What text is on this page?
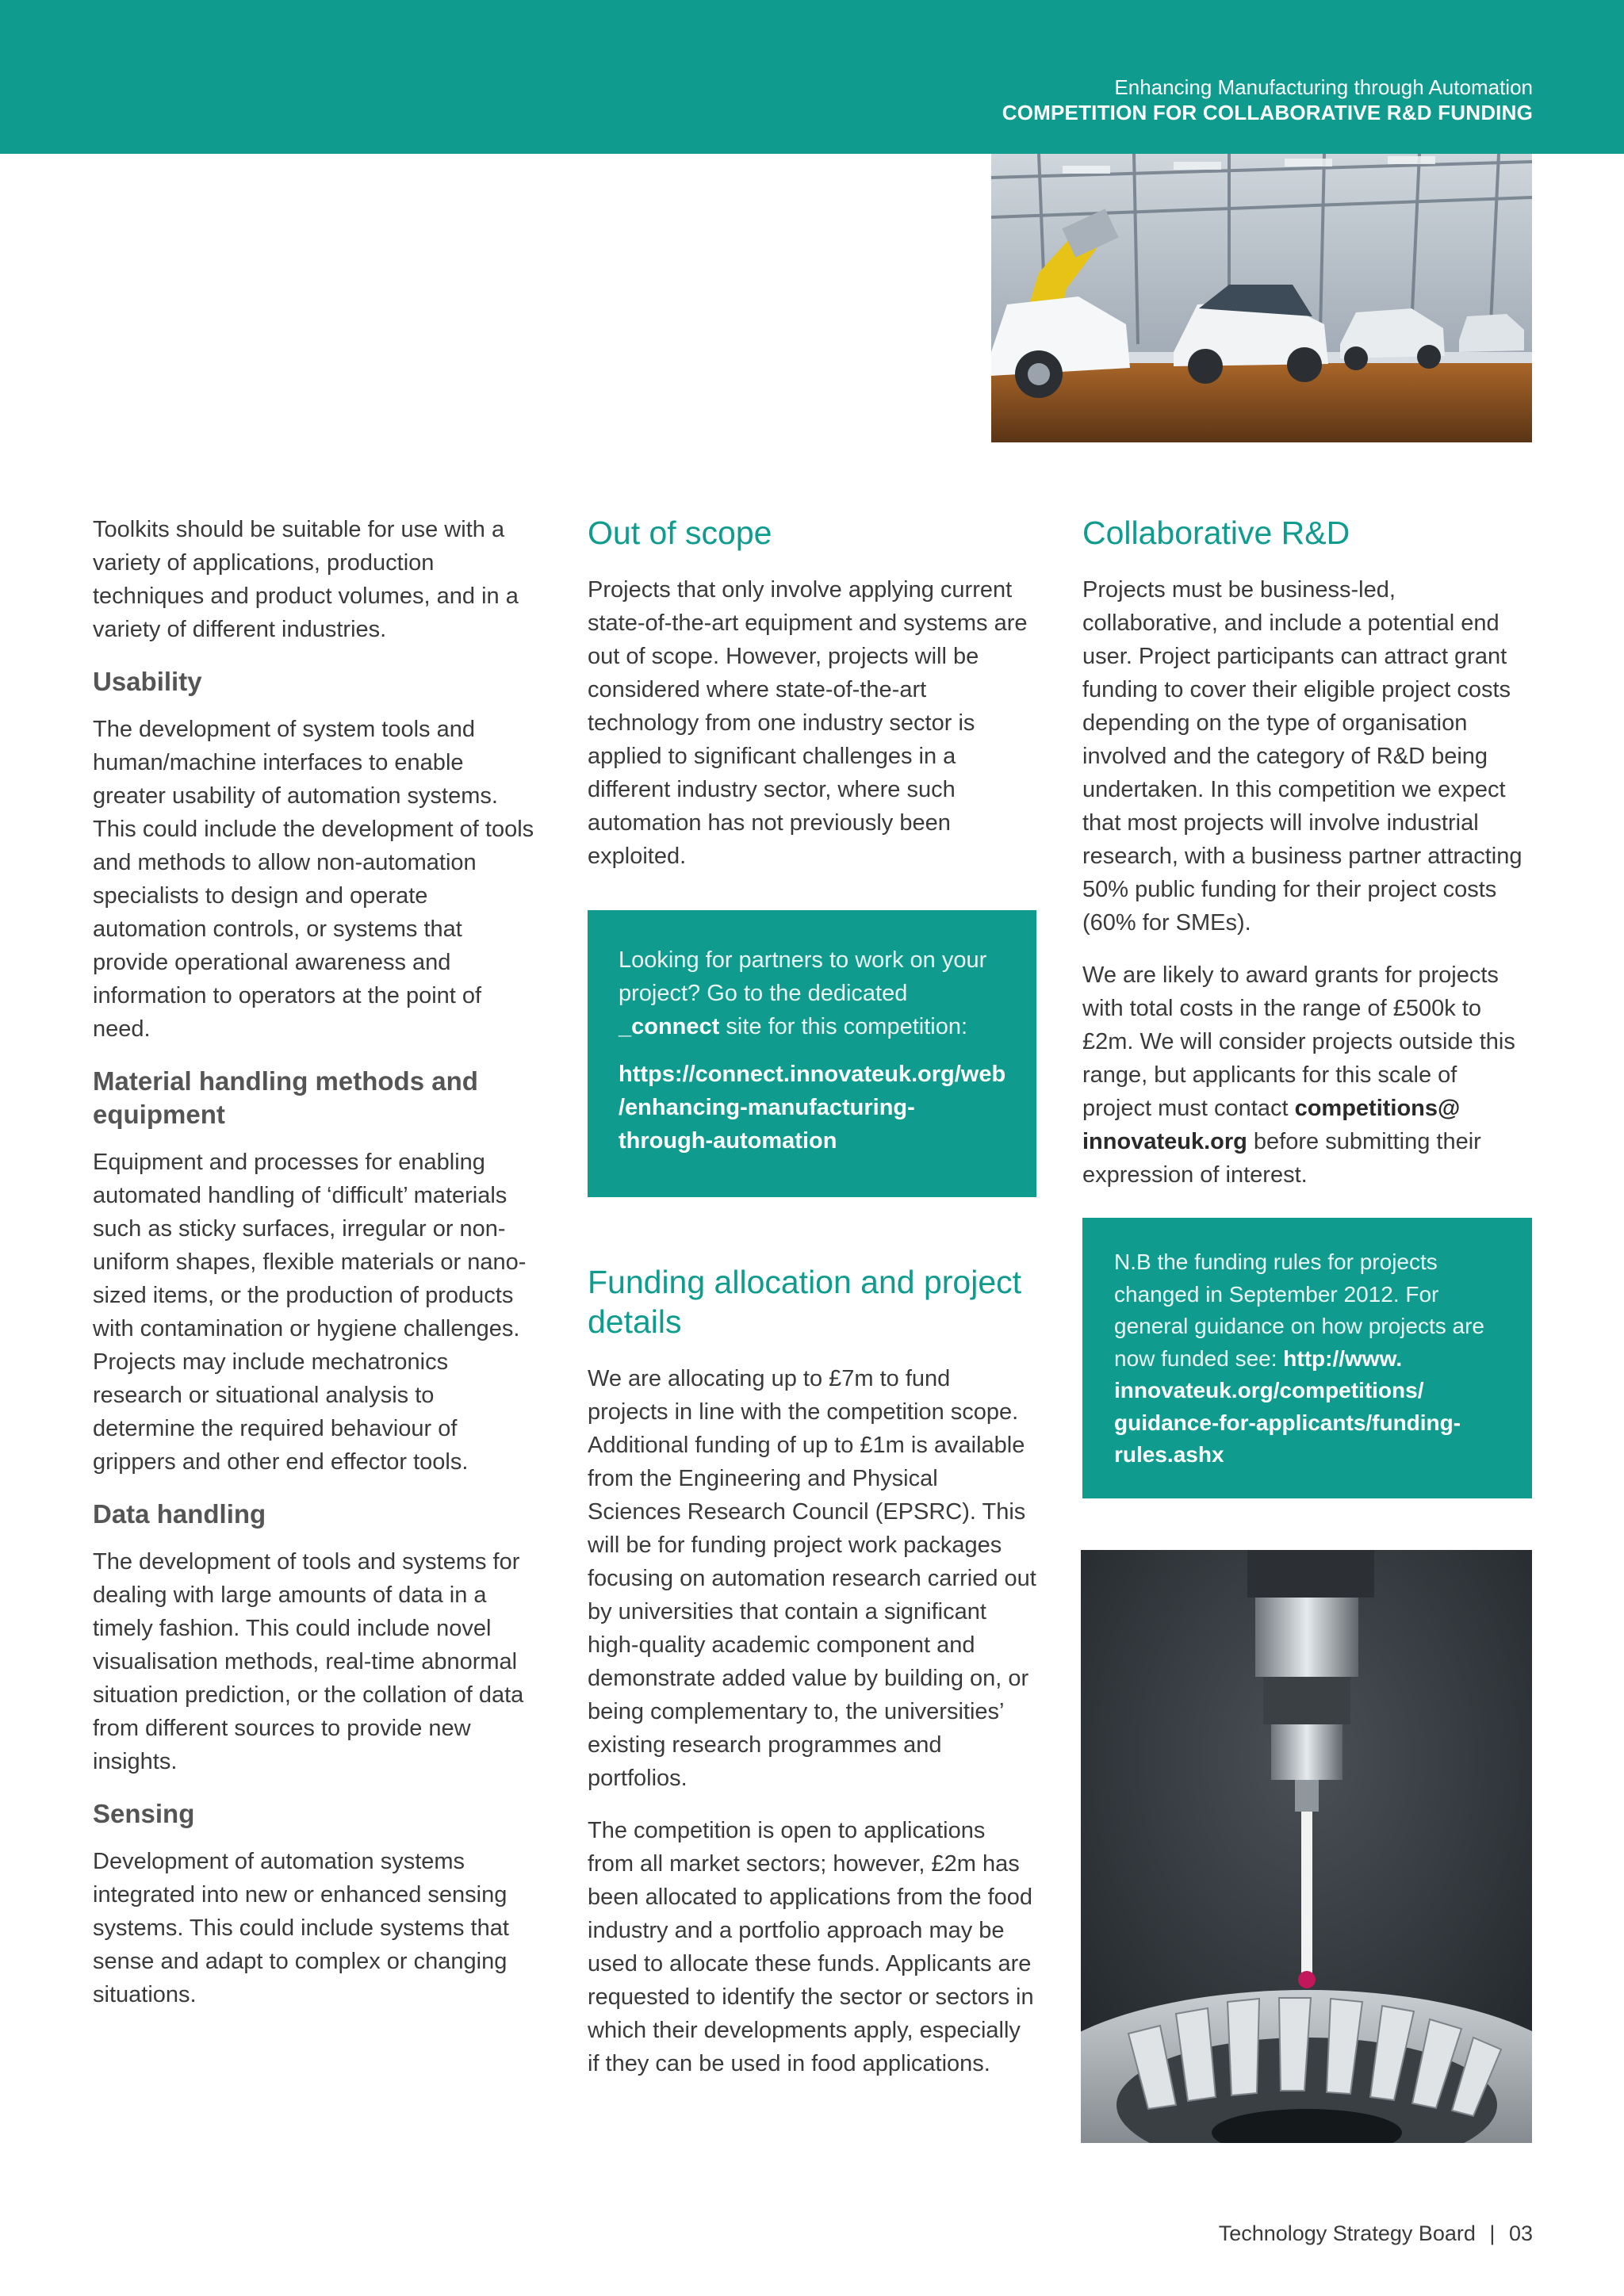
Enhancing Manufacturing through Automation
COMPETITION FOR COLLABORATIVE R&D FUNDING

Toolkits should be suitable for use with a variety of applications, production techniques and product volumes, and in a variety of different industries.

Usability

The development of system tools and human/machine interfaces to enable greater usability of automation systems. This could include the development of tools and methods to allow non-automation specialists to design and operate automation controls, or systems that provide operational awareness and information to operators at the point of need.

Material handling methods and equipment

Equipment and processes for enabling automated handling of ‘difficult’ materials such as sticky surfaces, irregular or non-uniform shapes, flexible materials or nano-sized items, or the production of products with contamination or hygiene challenges. Projects may include mechatronics research or situational analysis to determine the required behaviour of grippers and other end effector tools.

Data handling

The development of tools and systems for dealing with large amounts of data in a timely fashion. This could include novel visualisation methods, real-time abnormal situation prediction, or the collation of data from different sources to provide new insights.

Sensing

Development of automation systems integrated into new or enhanced sensing systems. This could include systems that sense and adapt to complex or changing situations.

Out of scope

Projects that only involve applying current state-of-the-art equipment and systems are out of scope. However, projects will be considered where state-of-the-art technology from one industry sector is applied to significant challenges in a different industry sector, where such automation has not previously been exploited.

Looking for partners to work on your project? Go to the dedicated _connect site for this competition:

https://connect.innovateuk.org/web/enhancing-manufacturing-through-automation

Funding allocation and project details

We are allocating up to £7m to fund projects in line with the competition scope. Additional funding of up to £1m is available from the Engineering and Physical Sciences Research Council (EPSRC). This will be for funding project work packages focusing on automation research carried out by universities that contain a significant high-quality academic component and demonstrate added value by building on, or being complementary to, the universities’ existing research programmes and portfolios.

The competition is open to applications from all market sectors; however, £2m has been allocated to applications from the food industry and a portfolio approach may be used to allocate these funds. Applicants are requested to identify the sector or sectors in which their developments apply, especially if they can be used in food applications.

Collaborative R&D

Projects must be business-led, collaborative, and include a potential end user. Project participants can attract grant funding to cover their eligible project costs depending on the type of organisation involved and the category of R&D being undertaken. In this competition we expect that most projects will involve industrial research, with a business partner attracting 50% public funding for their project costs (60% for SMEs).

We are likely to award grants for projects with total costs in the range of £500k to £2m. We will consider projects outside this range, but applicants for this scale of project must contact competitions@ innovateuk.org before submitting their expression of interest.

N.B the funding rules for projects changed in September 2012. For general guidance on how projects are now funded see: http://www. innovateuk.org/competitions/ guidance-for-applicants/funding-rules.ashx

Technology Strategy Board | 03
